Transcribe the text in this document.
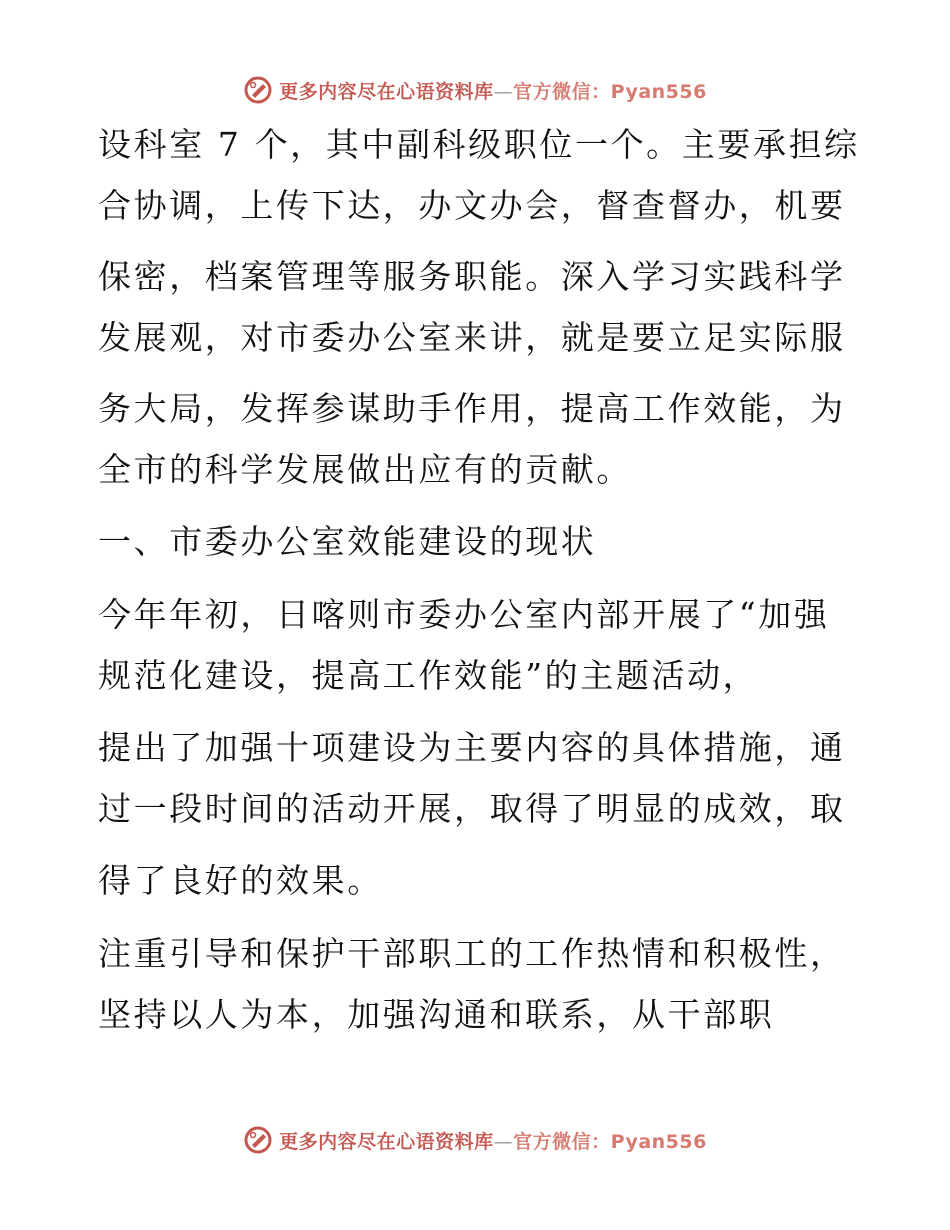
更多内容尽在心语资料库—官方微信：Pyan556
设科室 7 个，其中副科级职位一个。主要承担综
合协调，上传下达，办文办会，督查督办，机要
保密，档案管理等服务职能。深入学习实践科学
发展观，对市委办公室来讲，就是要立足实际服
务大局，发挥参谋助手作用，提高工作效能，为
全市的科学发展做出应有的贡献。
一、市委办公室效能建设的现状
今年年初，日喀则市委办公室内部开展了“加强
规范化建设，提高工作效能”的主题活动，
提出了加强十项建设为主要内容的具体措施，通
过一段时间的活动开展，取得了明显的成效，取
得了良好的效果。
注重引导和保护干部职工的工作热情和积极性，
坚持以人为本，加强沟通和联系，从干部职
更多内容尽在心语资料库—官方微信：Pyan556
